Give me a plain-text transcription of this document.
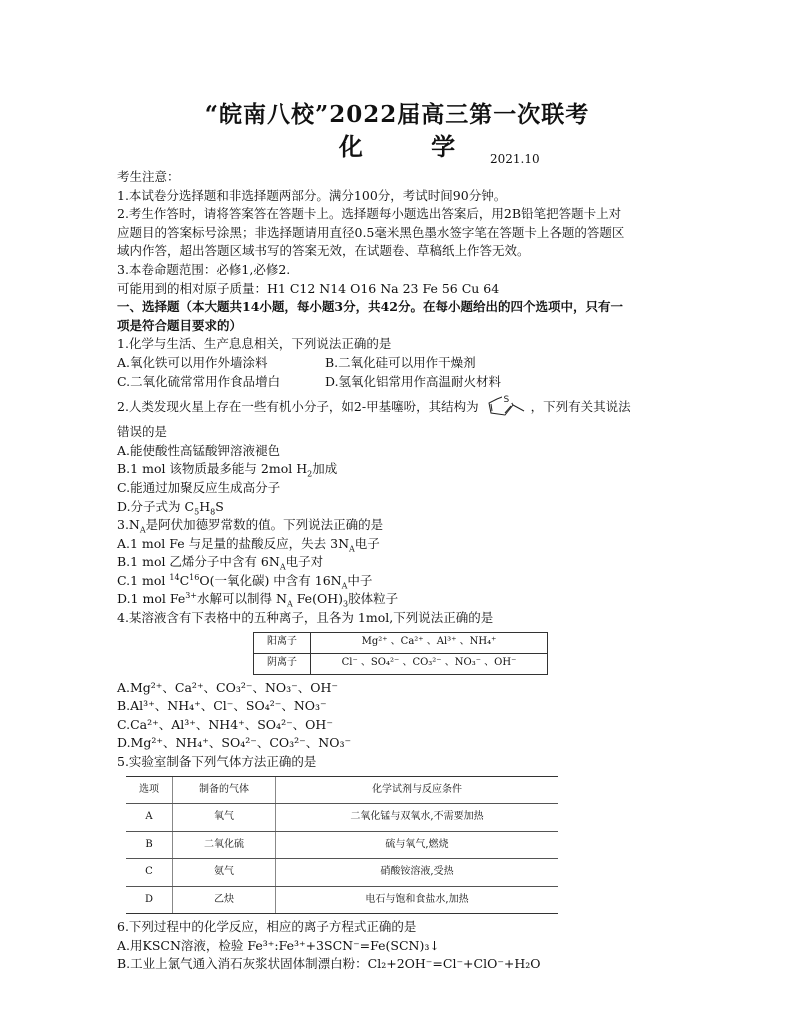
“皖南八校”2022届高三第一次联考
化 学 2021.10
考生注意：
1.本试卷分选择题和非选择题两部分。满分100分，考试时间90分钟。
2.考生作答时，请将答案答在答题卡上。选择题每小题选出答案后，用2B铅笔把答题卡上对
应题目的答案标号涂黑；非选择题请用直径0.5毫米黑色墨水签字笔在答题卡上各题的答题区
域内作答，超出答题区域书写的答案无效，在试题卷、草稿纸上作答无效。
3.本卷命题范围：必修1,必修2.
可能用到的相对原子质量：H1 C12 N14 O16 Na 23 Fe 56 Cu 64
一、选择题（本大题共14小题，每小题3分，共42分。在每小题给出的四个选项中，只有一
项是符合题目要求的）
1.化学与生活、生产息息相关，下列说法正确的是
A.氧化铁可以用作外墙涂料	B.二氧化硅可以用作干燥剂
C.二氧化硫常常用作食品增白	D.氢氧化铝常用作高温耐火材料
2.人类发现火星上存在一些有机小分子，如2-甲基噻吩，其结构为	S ，下列有关其说法
错误的是
A.能使酸性高锰酸钾溶液褪色
B.1 mol 该物质最多能与 2mol $H_2$加成
C.能通过加聚反应生成高分子
D.分子式为 $C_5H_8S$
$3.N_A$是阿伏加德罗常数的值。下列说法正确的是
A.1 mol Fe 与足量的盐酸反应，失去 $3N_A$电子
B.1 mol 乙烯分子中含有 $6N_A$电子对
C.1 mol $^{14}C^{16}O$(一氧化碳) 中含有 $16N_A$中子
D.1 mol $Fe^{3+}$水解可以制得 $N_A$ $Fe(OH)_3$胶体粒子
4.某溶液含有下表格中的五种离子，且各为 1mol,下列说法正确的是
阳离子	Mg²⁺ 、Ca²⁺ 、Al³⁺ 、NH₄⁺
阴离子	Cl⁻ 、SO₄²⁻ 、CO₃²⁻ 、NO₃⁻ 、OH⁻
A.Mg²⁺、Ca²⁺、CO₃²⁻、NO₃⁻、OH⁻
B.Al³⁺、NH₄⁺、Cl⁻、SO₄²⁻、NO₃⁻
C.Ca²⁺、Al³⁺、NH4⁺、SO₄²⁻、OH⁻
D.Mg²⁺、NH₄⁺、SO₄²⁻、CO₃²⁻、NO₃⁻
5.实验室制备下列气体方法正确的是
选项	制备的气体	化学试剂与反应条件
A	氧气	二氧化锰与双氧水,不需要加热
B	二氧化硫	硫与氧气,燃烧
C	氨气	硝酸铵溶液,受热
D	乙炔	电石与饱和食盐水,加热
6.下列过程中的化学反应，相应的离子方程式正确的是
A.用KSCN溶液，检验 Fe³⁺:Fe³⁺+3SCN⁻=Fe(SCN)₃↓
B.工业上氯气通入消石灰浆状固体制漂白粉：Cl₂+2OH⁻=Cl⁻+ClO⁻+H₂O
